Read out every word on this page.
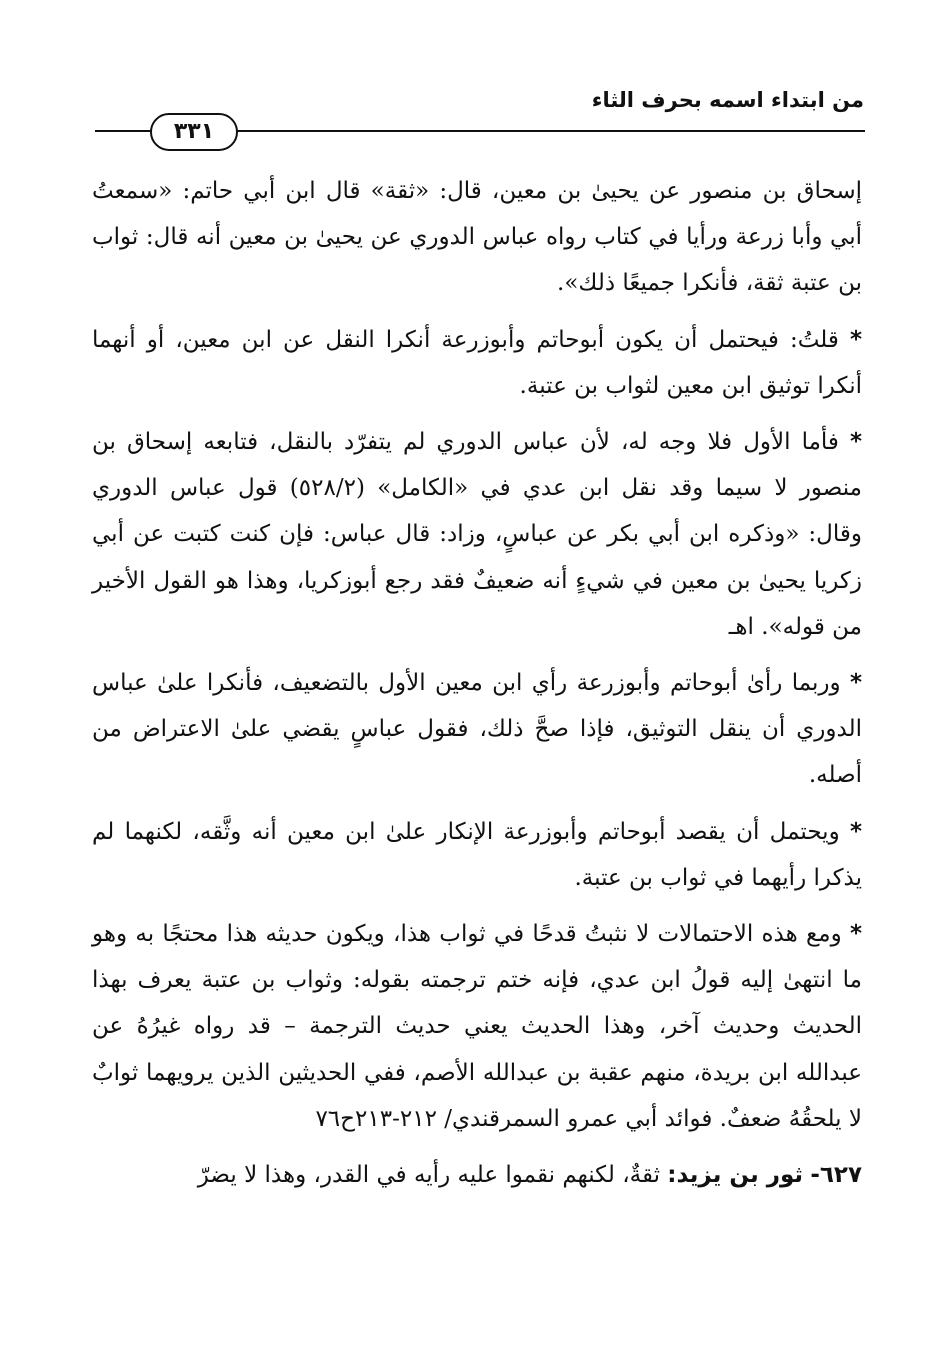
من ابتداء اسمه بحرف الثاء
٣٣١

إسحاق بن منصور عن يحيىٰ بن معين، قال: «ثقة» قال ابن أبي حاتم: «سمعتُ أبي وأبا زرعة ورأيا في كتاب رواه عباس الدوري عن يحيىٰ بن معين أنه قال: ثواب بن عتبة ثقة، فأنكرا جميعًا ذلك».

* قلتُ: فيحتمل أن يكون أبوحاتم وأبوزرعة أنكرا النقل عن ابن معين، أو أنهما أنكرا توثيق ابن معين لثواب بن عتبة.

* فأما الأول فلا وجه له، لأن عباس الدوري لم يتفرّد بالنقل، فتابعه إسحاق بن منصور لا سيما وقد نقل ابن عدي في «الكامل» (٥٢٨/٢) قول عباس الدوري وقال: «وذكره ابن أبي بكر عن عباسٍ، وزاد: قال عباس: فإن كنت كتبت عن أبي زكريا يحيىٰ بن معين في شيءٍ أنه ضعيفٌ فقد رجع أبوزكريا، وهذا هو القول الأخير من قوله». اهـ

* وربما رأىٰ أبوحاتم وأبوزرعة رأي ابن معين الأول بالتضعيف، فأنكرا علىٰ عباس الدوري أن ينقل التوثيق، فإذا صحَّ ذلك، فقول عباسٍ يقضي علىٰ الاعتراض من أصله.

* ويحتمل أن يقصد أبوحاتم وأبوزرعة الإنكار علىٰ ابن معين أنه وثَّقه، لكنهما لم يذكرا رأيهما في ثواب بن عتبة.

* ومع هذه الاحتمالات لا نثبتُ قدحًا في ثواب هذا، ويكون حديثه هذا محتجًا به وهو ما انتهىٰ إليه قولُ ابن عدي، فإنه ختم ترجمته بقوله: وثواب بن عتبة يعرف بهذا الحديث وحديث آخر، وهذا الحديث يعني حديث الترجمة – قد رواه غيرُهُ عن عبدالله ابن بريدة، منهم عقبة بن عبدالله الأصم، ففي الحديثين الذين يرويهما ثوابٌ لا يلحقُهُ ضعفٌ. فوائد أبي عمرو السمرقندي/ ٢١٢-٢١٣ح٧٦

٦٢٧- ثور بن يزيد: ثقةٌ، لكنهم نقموا عليه رأيه في القدر، وهذا لا يضرّ
